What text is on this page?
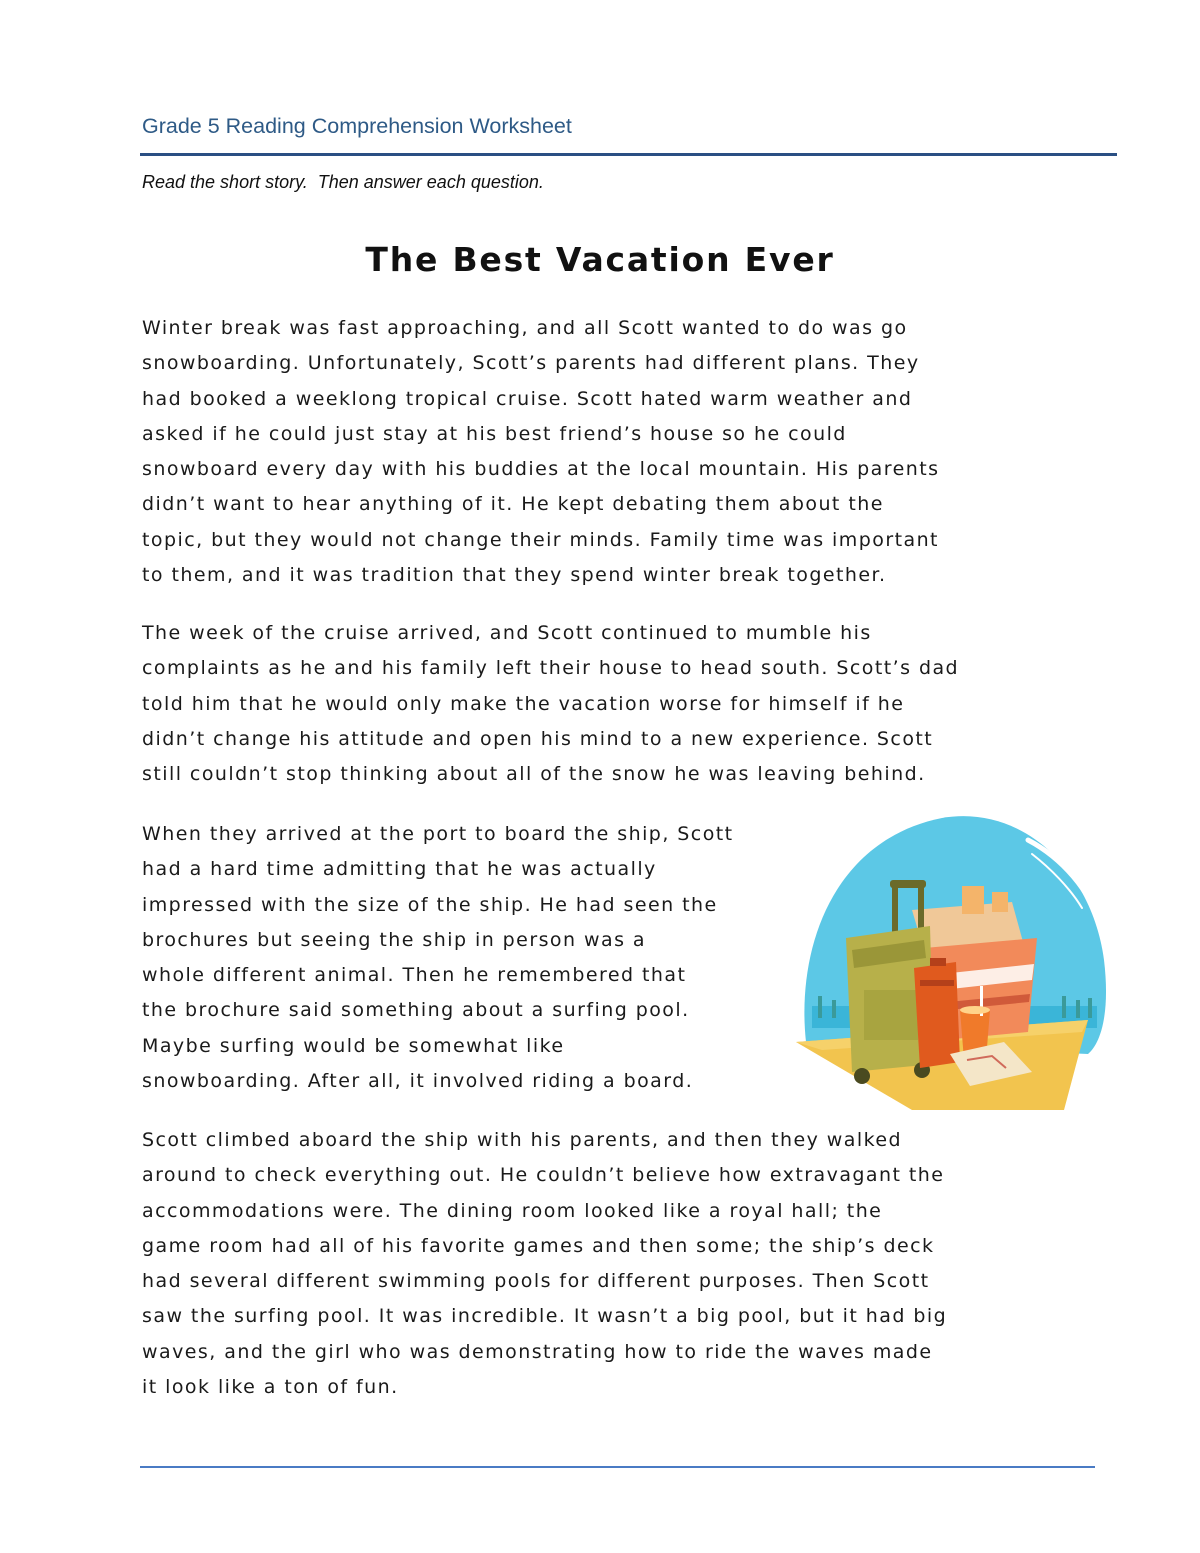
Grade 5 Reading Comprehension Worksheet
Read the short story.  Then answer each question.
The Best Vacation Ever

Winter break was fast approaching, and all Scott wanted to do was go
snowboarding. Unfortunately, Scott’s parents had different plans. They
had booked a weeklong tropical cruise. Scott hated warm weather and
asked if he could just stay at his best friend’s house so he could
snowboard every day with his buddies at the local mountain. His parents
didn’t want to hear anything of it. He kept debating them about the
topic, but they would not change their minds. Family time was important
to them, and it was tradition that they spend winter break together.

The week of the cruise arrived, and Scott continued to mumble his
complaints as he and his family left their house to head south. Scott’s dad
told him that he would only make the vacation worse for himself if he
didn’t change his attitude and open his mind to a new experience. Scott
still couldn’t stop thinking about all of the snow he was leaving behind.

When they arrived at the port to board the ship, Scott
had a hard time admitting that he was actually
impressed with the size of the ship. He had seen the
brochures but seeing the ship in person was a
whole different animal. Then he remembered that
the brochure said something about a surfing pool.
Maybe surfing would be somewhat like
snowboarding. After all, it involved riding a board.

Scott climbed aboard the ship with his parents, and then they walked
around to check everything out. He couldn’t believe how extravagant the
accommodations were. The dining room looked like a royal hall; the
game room had all of his favorite games and then some; the ship’s deck
had several different swimming pools for different purposes. Then Scott
saw the surfing pool. It was incredible. It wasn’t a big pool, but it had big
waves, and the girl who was demonstrating how to ride the waves made
it look like a ton of fun.
